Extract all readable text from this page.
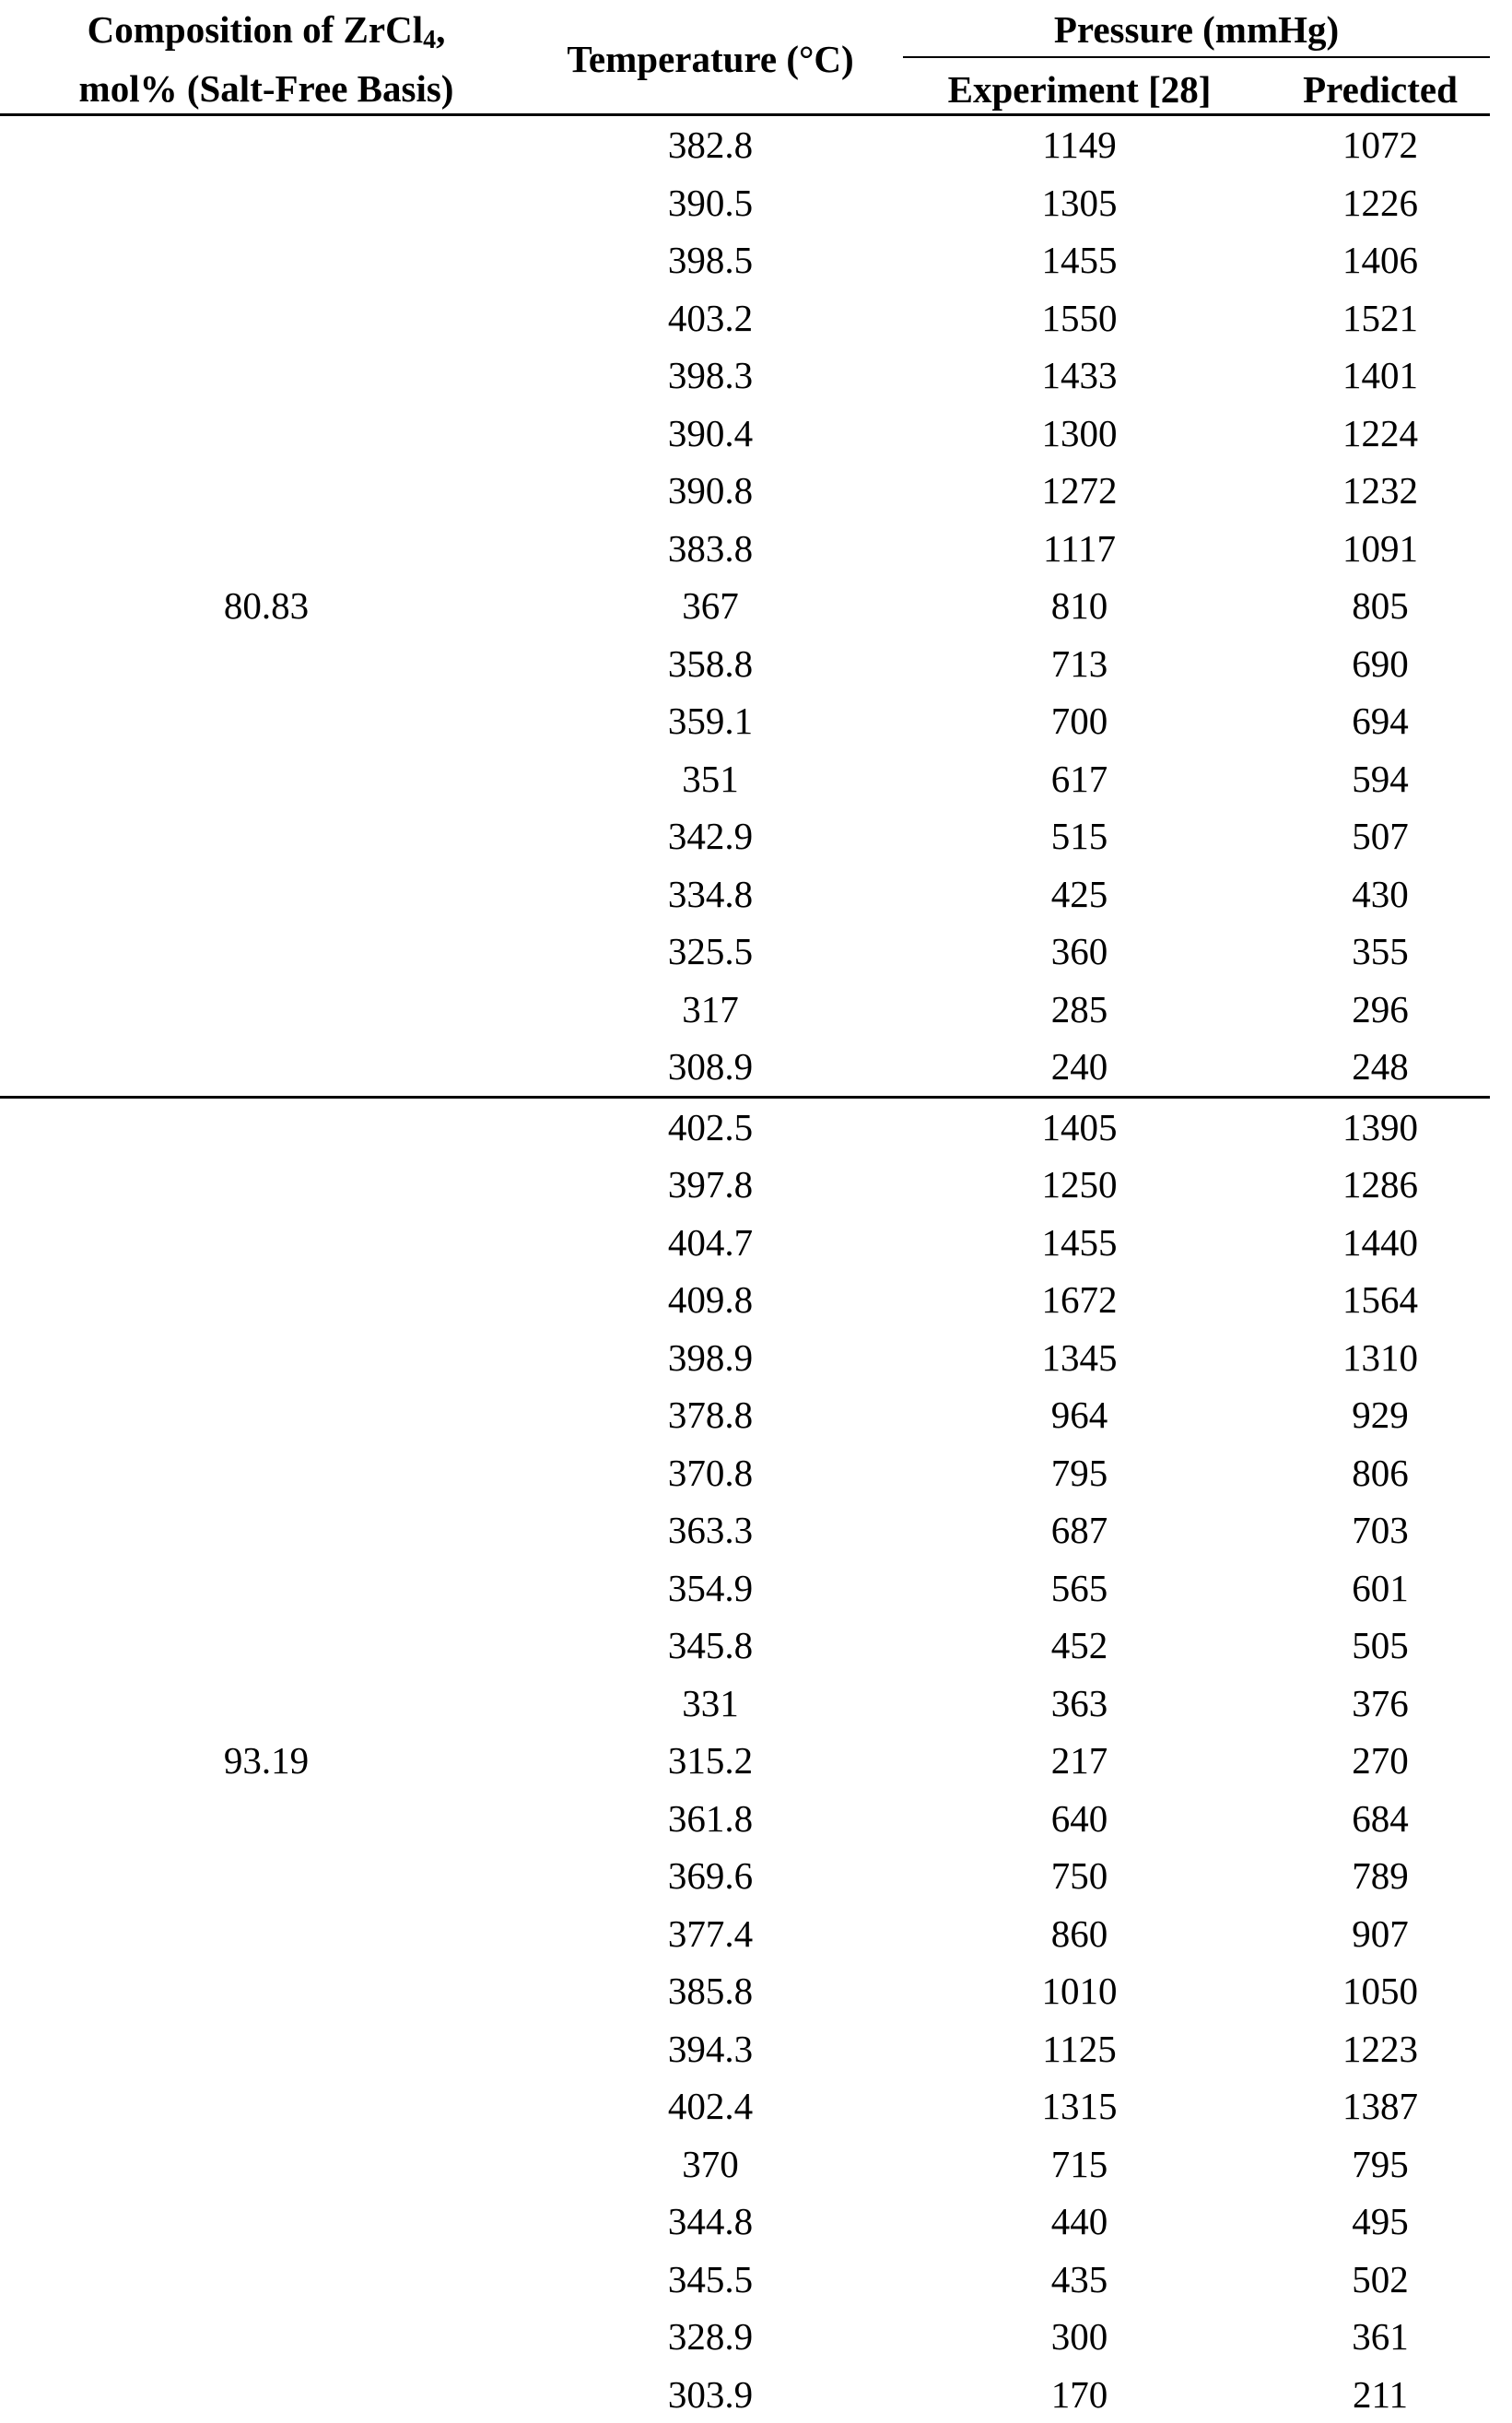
Composition of ZrCl$_4$,
mol% (Salt-Free Basis)
Temperature (°C)
Pressure (mmHg)
Experiment [28]	Predicted
80.83	382.8	1149	1072
	390.5	1305	1226
	398.5	1455	1406
	403.2	1550	1521
	398.3	1433	1401
	390.4	1300	1224
	390.8	1272	1232
	383.8	1117	1091
	367	810	805
	358.8	713	690
	359.1	700	694
	351	617	594
	342.9	515	507
	334.8	425	430
	325.5	360	355
	317	285	296
	308.9	240	248
93.19	402.5	1405	1390
	397.8	1250	1286
	404.7	1455	1440
	409.8	1672	1564
	398.9	1345	1310
	378.8	964	929
	370.8	795	806
	363.3	687	703
	354.9	565	601
	345.8	452	505
	331	363	376
	315.2	217	270
	361.8	640	684
	369.6	750	789
	377.4	860	907
	385.8	1010	1050
	394.3	1125	1223
	402.4	1315	1387
	370	715	795
	344.8	440	495
	345.5	435	502
	328.9	300	361
	303.9	170	211
